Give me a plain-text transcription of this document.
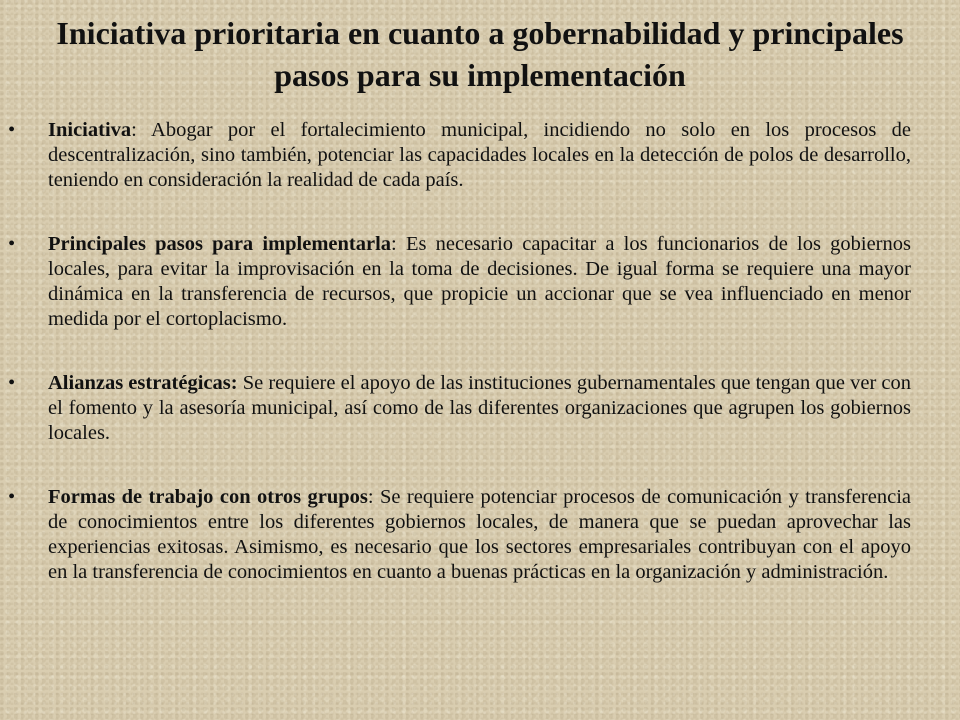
Iniciativa prioritaria en cuanto a gobernabilidad y principales pasos para su implementación
• Iniciativa: Abogar por el fortalecimiento municipal, incidiendo no solo en los procesos de descentralización, sino también, potenciar las capacidades locales en la detección de polos de desarrollo, teniendo en consideración la realidad de cada país.
• Principales pasos para implementarla: Es necesario capacitar a los funcionarios de los gobiernos locales, para evitar la improvisación en la toma de decisiones. De igual forma se requiere una mayor dinámica en la transferencia de recursos, que propicie un accionar que se vea influenciado en menor medida por el cortoplacismo.
• Alianzas estratégicas: Se requiere el apoyo de las instituciones gubernamentales que tengan que ver con el fomento y la asesoría municipal, así como de las diferentes organizaciones que agrupen los gobiernos locales.
• Formas de trabajo con otros grupos: Se requiere potenciar procesos de comunicación y transferencia de conocimientos entre los diferentes gobiernos locales, de manera que se puedan aprovechar las experiencias exitosas. Asimismo, es necesario que los sectores empresariales contribuyan con el apoyo en la transferencia de conocimientos en cuanto a buenas prácticas en la organización y administración.
